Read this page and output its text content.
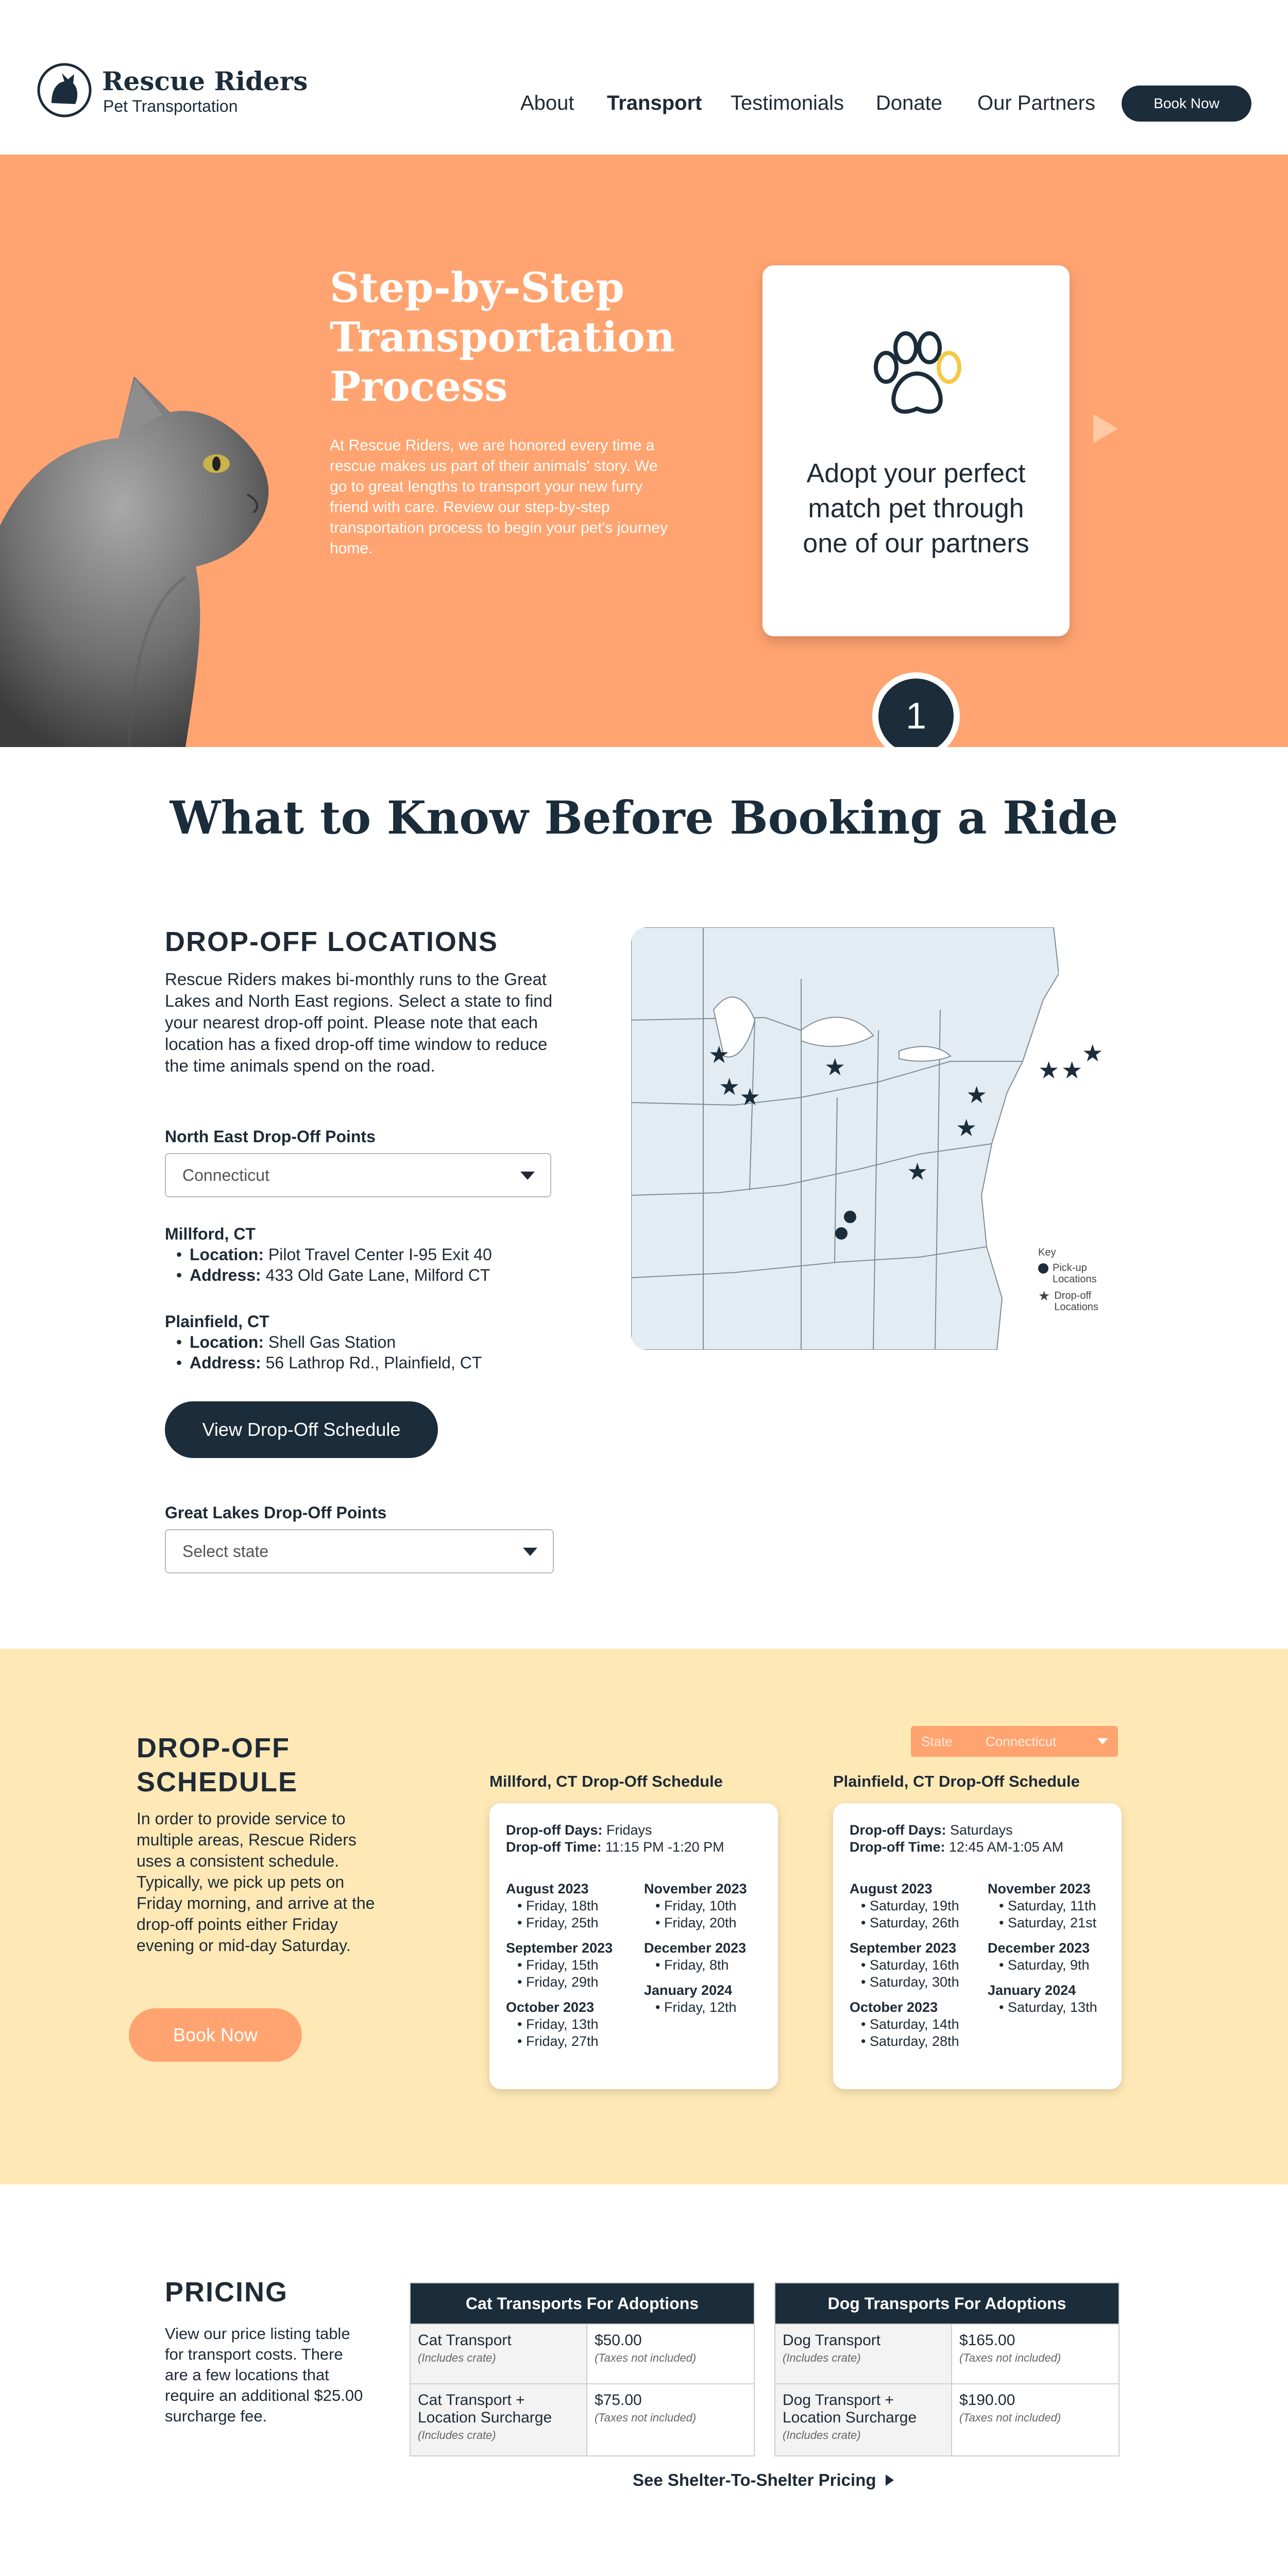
Rescue Riders
Pet Transportation	About Transport Testimonials Donate Our Partners	Book Now
Step-by-Step Transportation Process
At Rescue Riders, we are honored every time a rescue makes us part of their animals' story. We go to great lengths to transport your new furry friend with care. Review our step-by-step transportation process to begin your pet's journey home.
Adopt your perfect match pet through one of our partners
1
What to Know Before Booking a Ride
DROP-OFF LOCATIONS
Rescue Riders makes bi-monthly runs to the Great Lakes and North East regions. Select a state to find your nearest drop-off point. Please note that each location has a fixed drop-off time window to reduce the time animals spend on the road.
North East Drop-Off Points
Connecticut
Millford, CT
• Location: Pilot Travel Center I-95 Exit 40
• Address: 433 Old Gate Lane, Milford CT
Plainfield, CT
• Location: Shell Gas Station
• Address: 56 Lathrop Rd., Plainfield, CT
View Drop-Off Schedule
Great Lakes Drop-Off Points
Select state
★
★
★
★
★
★
★
★ ★
★
Key
Pick-up Locations
★ Drop-off Locations
DROP-OFF SCHEDULE
In order to provide service to multiple areas, Rescue Riders uses a consistent schedule. Typically, we pick up pets on Friday morning, and arrive at the drop-off points either Friday evening or mid-day Saturday.
Book Now
State Connecticut
Millford, CT Drop-Off Schedule
Drop-off Days: Fridays
Drop-off Time: 11:15 PM -1:20 PM
August 2023
• Friday, 18th
• Friday, 25th
September 2023
• Friday, 15th
• Friday, 29th
October 2023
• Friday, 13th
• Friday, 27th
November 2023
• Friday, 10th
• Friday, 20th
December 2023
• Friday, 8th
January 2024
• Friday, 12th
Plainfield, CT Drop-Off Schedule
Drop-off Days: Saturdays
Drop-off Time: 12:45 AM-1:05 AM
August 2023
• Saturday, 19th
• Saturday, 26th
September 2023
• Saturday, 16th
• Saturday, 30th
October 2023
• Saturday, 14th
• Saturday, 28th
November 2023
• Saturday, 11th
• Saturday, 21st
December 2023
• Saturday, 9th
January 2024
• Saturday, 13th
PRICING
View our price listing table for transport costs. There are a few locations that require an additional $25.00 surcharge fee.
Cat Transports For Adoptions
Cat Transport
(Includes crate)
$50.00
(Taxes not included)
Cat Transport + Location Surcharge
(Includes crate)
$75.00
(Taxes not included)
Dog Transports For Adoptions
Dog Transport
(Includes crate)
$165.00
(Taxes not included)
Dog Transport + Location Surcharge
(Includes crate)
$190.00
(Taxes not included)
See Shelter-To-Shelter Pricing
